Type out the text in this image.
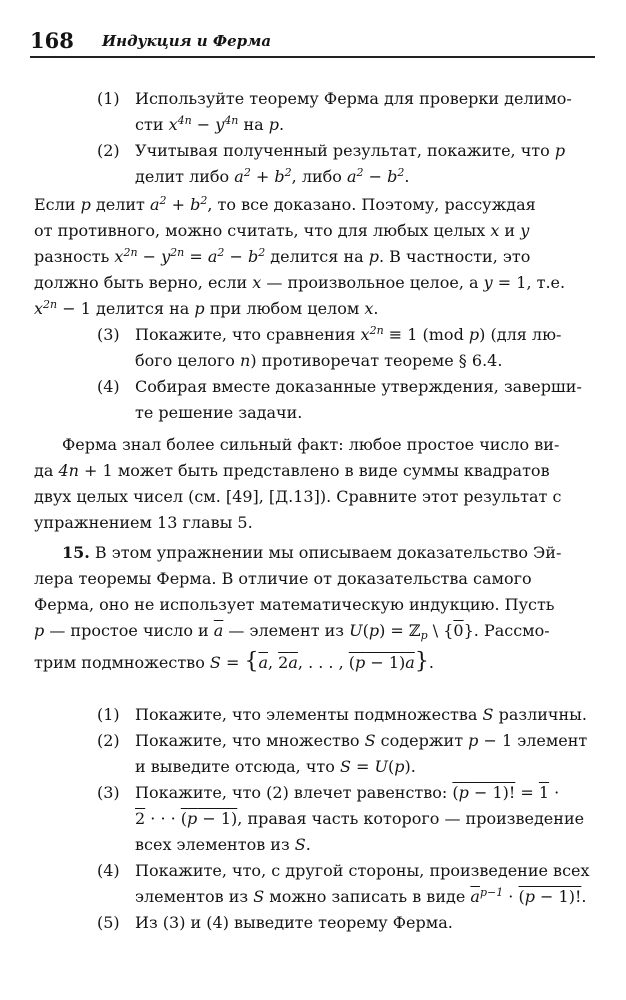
168 Индукция и Ферма
(1) Используйте теорему Ферма для проверки делимо-

сти $x^{4n} - y^{4n}$ на p.

(2) Учитывая полученный результат, покажите, что p

делит либо $a^2 + b^2$, либо $a^2 - b^2$.

Если p делит $a^2 + b^2$, то все доказано. Поэтому, рассуждая

от противного, можно считать, что для любых целых x и y

разность $x^{2n} - y^{2n} = a^2 - b^2$ делится на p. В частности, это

должно быть верно, если x — произвольное целое, а y = 1, т.е.

$x^{2n} - 1$ делится на p при любом целом x.

(3) Покажите, что сравнения $x^{2n} \equiv 1$ (mod p) (для лю-

бого целого n) противоречат теореме § 6.4.

(4) Собирая вместе доказанные утверждения, заверши-

те решение задачи.

Ферма знал более сильный факт: любое простое число ви-

да 4n + 1 может быть представлено в виде суммы квадратов

двух целых чисел (см. [49], [Д.13]). Сравните этот результат с

упражнением 13 главы 5.

15. В этом упражнении мы описываем доказательство Эй-

лера теоремы Ферма. В отличие от доказательства самого

Ферма, оно не использует математическую индукцию. Пусть

p — простое число и $\overline{a}$ — элемент из U(p) = ℤ$_p$ \ {0}. Рассмо-

трим подмножество $S = \{\overline{a}$, 2a, . . . , (p − 1)a}.

(1) Покажите, что элементы подмножества S различны.

(2) Покажите, что множество S содержит p − 1 элемент

и выведите отсюда, что S = U(p).

(3) Покажите, что (2) влечет равенство: (p − 1)! = 1 ·

2 · · · (p − 1), правая часть которого — произведение

всех элементов из S.

(4) Покажите, что, с другой стороны, произведение всех

элементов из S можно записать в виде $\overline{a}^{p-1} \cdot (p - 1)$!.

(5) Из (3) и (4) выведите теорему Ферма.
